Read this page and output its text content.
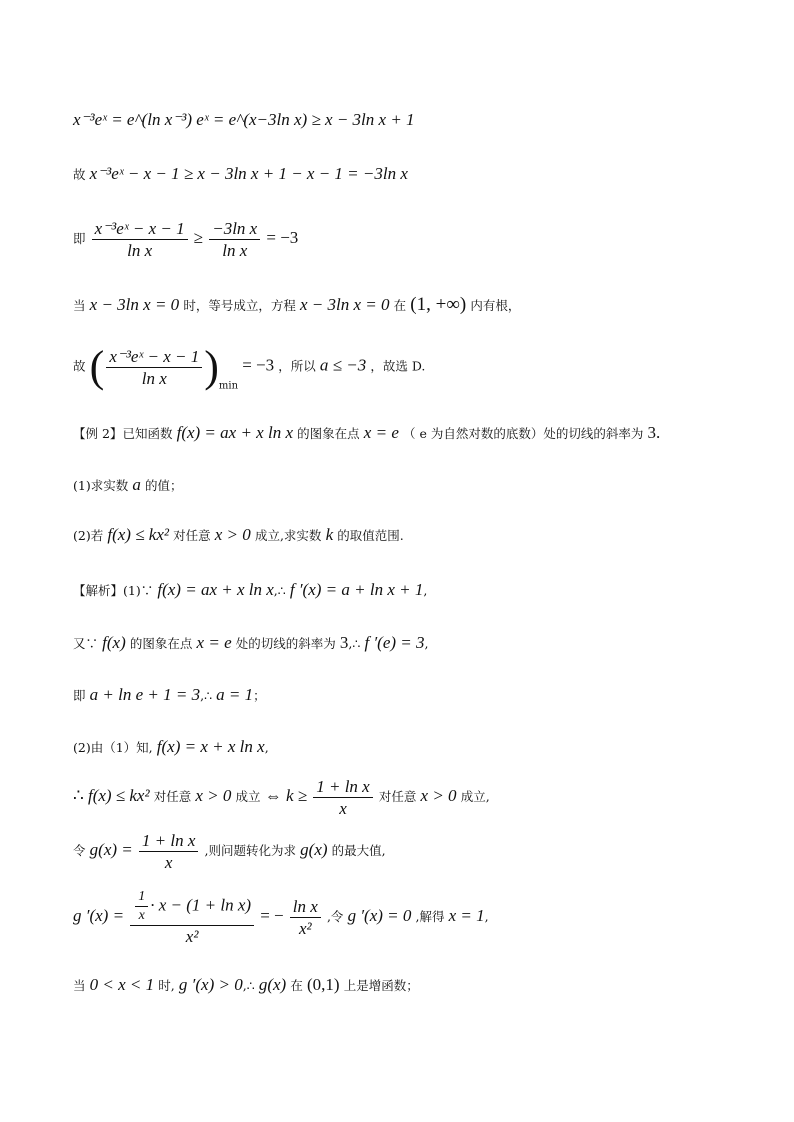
x⁻³eˣ = e^(ln x⁻³) eˣ = e^(x−3ln x) ≥ x − 3ln x + 1
故 x⁻³eˣ − x − 1 ≥ x − 3ln x + 1 − x − 1 = −3ln x
即 $\frac{\text{x⁻³eˣ − x − 1}}{\text{ln x}} \ge \frac{\text{−3ln x}}{\text{ln x}} = -3$
当 x − 3ln x = 0 时，等号成立，方程 x − 3ln x = 0 在 (1, +∞) 内有根，
故 ( $\frac{\text{x⁻³eˣ − x − 1}}{\text{ln x}} )_{min} = -3$ ，所以 a ≤ −3 ，故选 D.
【例 2】已知函数 f(x) = ax + x ln x 的图象在点 x = e （ e 为自然对数的底数）处的切线的斜率为 3.
(1)求实数 a 的值；
(2)若 f(x) ≤ kx² 对任意 x > 0 成立,求实数 k 的取值范围.
【解析】(1)∵ f(x) = ax + x ln x,∴ f ′(x) = a + ln x + 1,
又∵ f(x) 的图象在点 x = e 处的切线的斜率为 3,∴ f ′(e) = 3,
即 a + ln e + 1 = 3,∴ a = 1；
(2)由（1）知, f(x) = x + x ln x,
∴ f(x) ≤ kx² 对任意 x > 0 成立 ⇔ $k \ge \frac{\text{1 + ln x}}{x}$ 对任意 x > 0 成立,
令 $g(x) = \frac{\text{1 + ln x}}{x}$ ,则问题转化为求 g(x) 的最大值,
g $'(x) = \frac{\frac{1}{x} \cdot x - (1 + \ln x)}{\text{x²}}$ = − $\frac{\text{ln x}}{\text{x²}}$ ,令 g ′(x) = 0 ,解得 x = 1,
当 0 < x < 1 时, g ′(x) > 0,∴ g(x) 在 (0,1) 上是增函数；
